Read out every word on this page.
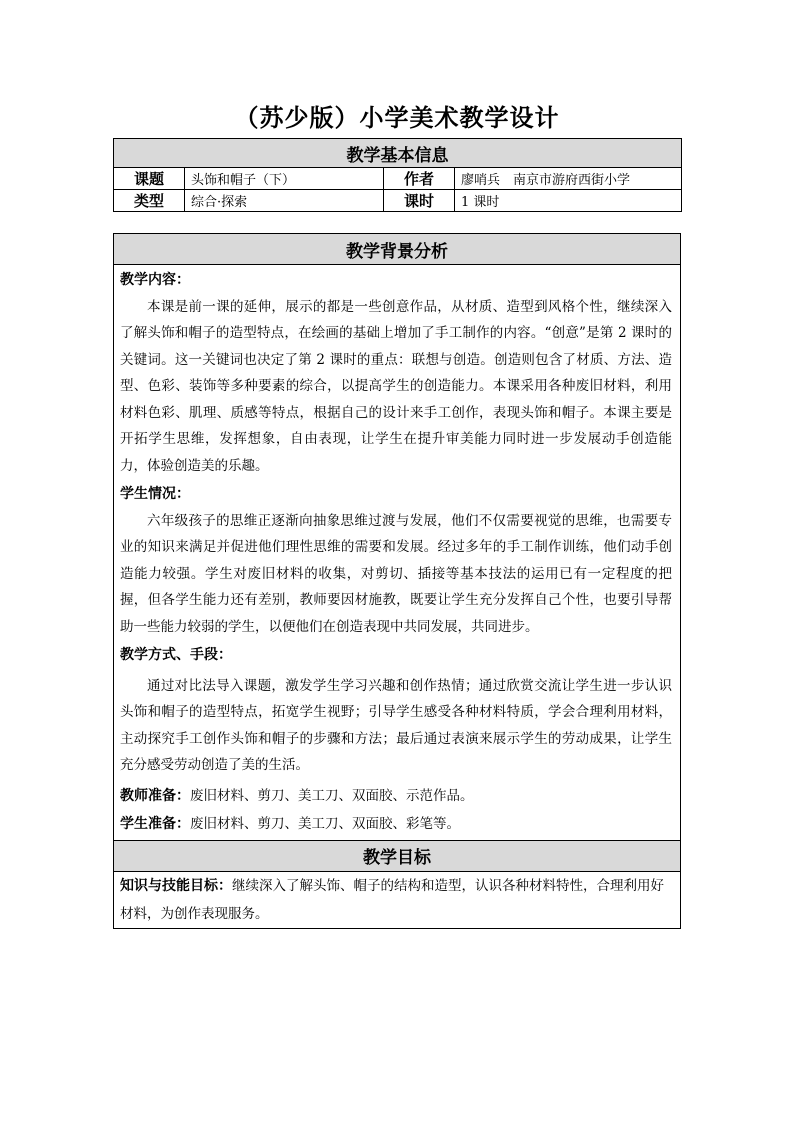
（苏少版）小学美术教学设计
教学基本信息			
课题	头饰和帽子（下）	作者	廖哨兵　南京市游府西街小学
类型	综合·探索	课时	1 课时
教学背景分析

教学内容：
本课是前一课的延伸，展示的都是一些创意作品，从材质、造型到风格个性，继续深入了解头饰和帽子的造型特点，在绘画的基础上增加了手工制作的内容。“创意”是第 2 课时的关键词。这一关键词也决定了第 2 课时的重点：联想与创造。创造则包含了材质、方法、造型、色彩、装饰等多种要素的综合，以提高学生的创造能力。本课采用各种废旧材料，利用材料色彩、肌理、质感等特点，根据自己的设计来手工创作，表现头饰和帽子。本课主要是开拓学生思维，发挥想象，自由表现，让学生在提升审美能力同时进一步发展动手创造能力，体验创造美的乐趣。
学生情况：
六年级孩子的思维正逐渐向抽象思维过渡与发展，他们不仅需要视觉的思维，也需要专业的知识来满足并促进他们理性思维的需要和发展。经过多年的手工制作训练，他们动手创造能力较强。学生对废旧材料的收集，对剪切、插接等基本技法的运用已有一定程度的把握，但各学生能力还有差别，教师要因材施教，既要让学生充分发挥自己个性，也要引导帮助一些能力较弱的学生，以便他们在创造表现中共同发展，共同进步。
教学方式、手段：
通过对比法导入课题，激发学生学习兴趣和创作热情；通过欣赏交流让学生进一步认识头饰和帽子的造型特点，拓宽学生视野；引导学生感受各种材料特质，学会合理利用材料，主动探究手工创作头饰和帽子的步骤和方法；最后通过表演来展示学生的劳动成果，让学生充分感受劳动创造了美的生活。
教师准备：废旧材料、剪刀、美工刀、双面胶、示范作品。
学生准备：废旧材料、剪刀、美工刀、双面胶、彩笔等。

教学目标
知识与技能目标：继续深入了解头饰、帽子的结构和造型，认识各种材料特性，合理利用好材料，为创作表现服务。
